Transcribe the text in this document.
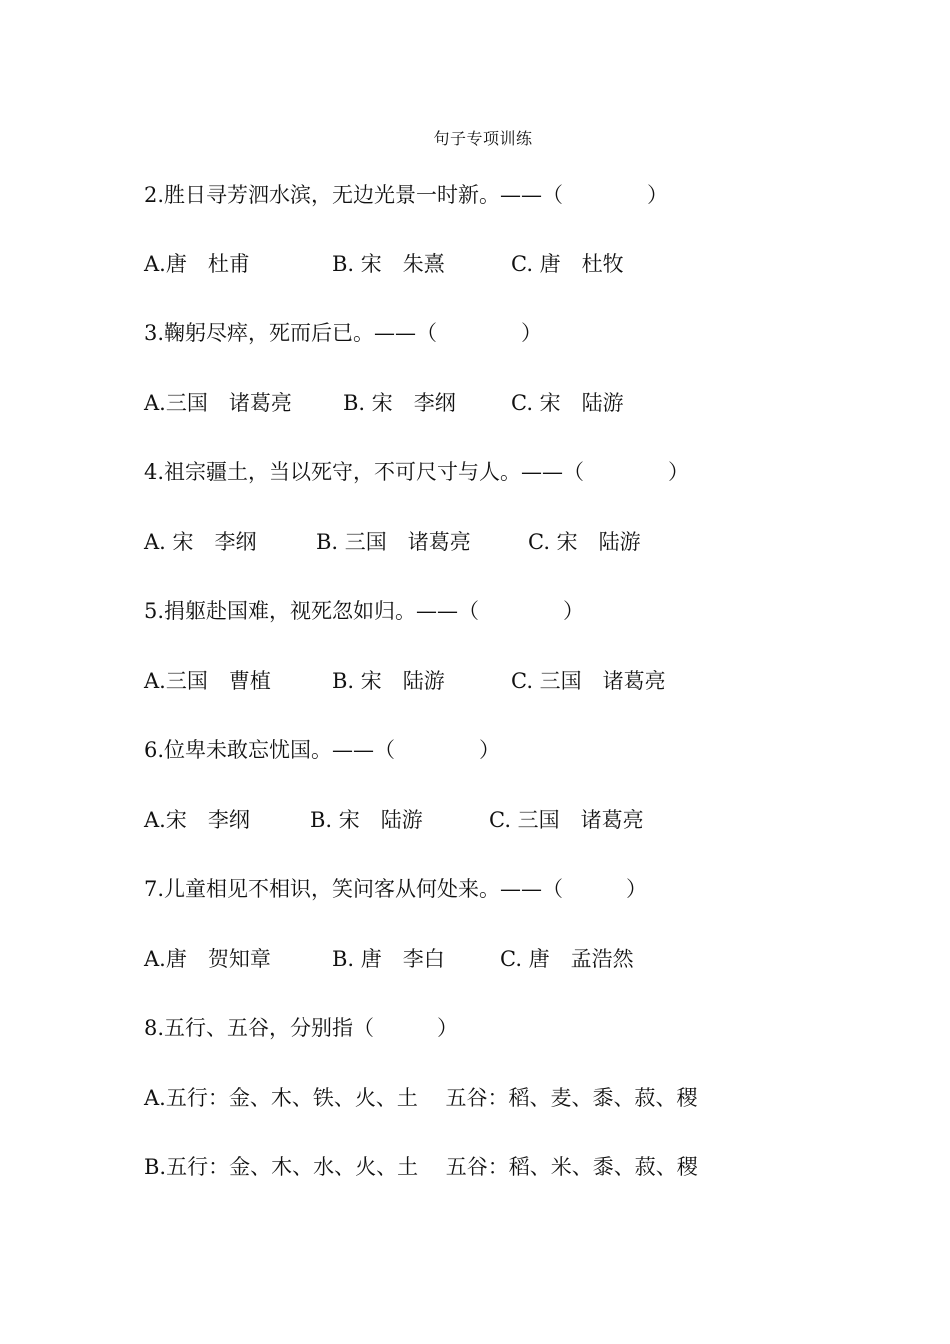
句子专项训练
2.胜日寻芳泗水滨，无边光景一时新。——（　　　　）
A.唐　杜甫	B. 宋　朱熹	C. 唐　杜牧
3.鞠躬尽瘁，死而后已。——（　　　　）
A.三国　诸葛亮 B. 宋　李纲	C. 宋　陆游
4.祖宗疆土，当以死守，不可尺寸与人。——（　　　　）
A. 宋　李纲	B. 三国　诸葛亮	C. 宋　陆游
5.捐躯赴国难，视死忽如归。——（　　　　）
A.三国　曹植	B. 宋　陆游	C. 三国　诸葛亮
6.位卑未敢忘忧国。——（　　　　）
A.宋　李纲	B. 宋　陆游	C. 三国　诸葛亮
7.儿童相见不相识，笑问客从何处来。——（　　　）
A.唐　贺知章	B. 唐　李白	C. 唐　孟浩然
8.五行、五谷，分别指（　　　）
A.五行：金、木、铁、火、土　 五谷：稻、麦、黍、菽、稷
B.五行：金、木、水、火、土　 五谷：稻、米、黍、菽、稷
